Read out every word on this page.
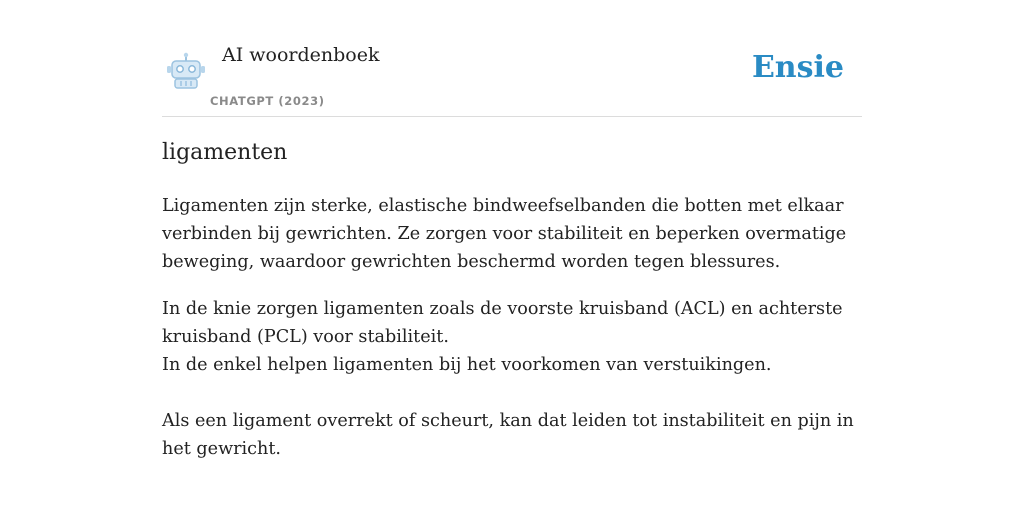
AI woordenboek
CHATGPT (2023)
Ensie
ligamenten

Ligamenten zijn sterke, elastische bindweefselbanden die botten met elkaar verbinden bij gewrichten. Ze zorgen voor stabiliteit en beperken overmatige beweging, waardoor gewrichten beschermd worden tegen blessures.

In de knie zorgen ligamenten zoals de voorste kruisband (ACL) en achterste kruisband (PCL) voor stabiliteit.

In de enkel helpen ligamenten bij het voorkomen van verstuikingen.

Als een ligament overrekt of scheurt, kan dat leiden tot instabiliteit en pijn in het gewricht.
